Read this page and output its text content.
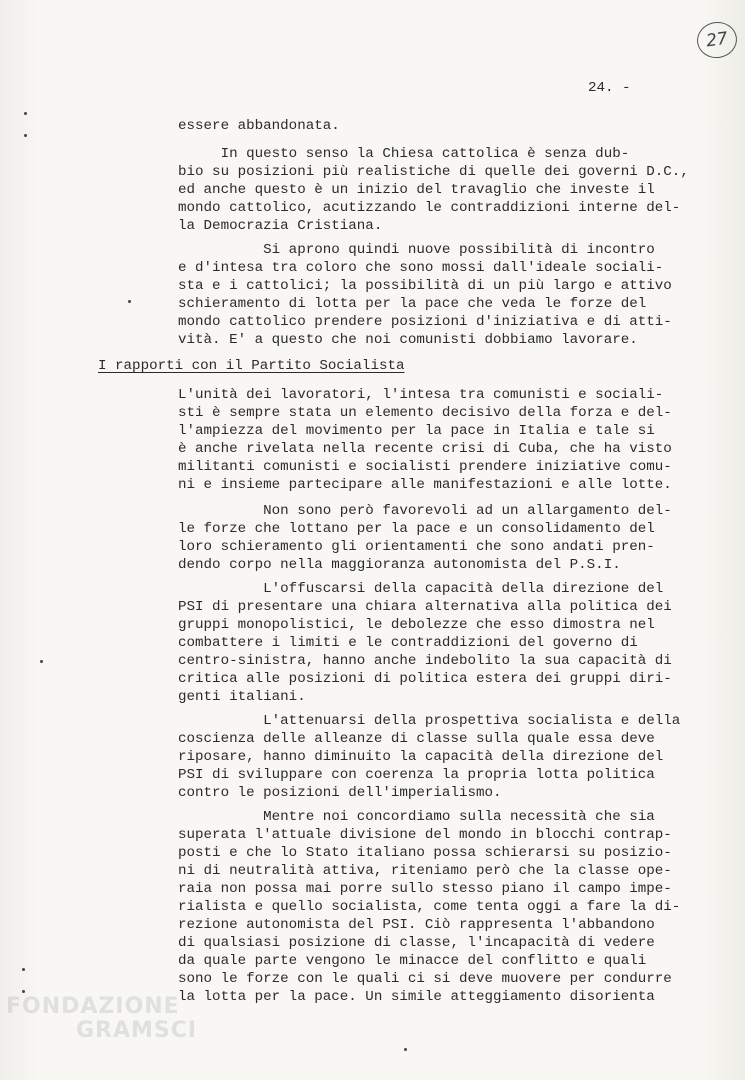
27
24. -
essere abbandonata.
In questo senso la Chiesa cattolica è senza dub-
bio su posizioni più realistiche di quelle dei governi D.C.,
ed anche questo è un inizio del travaglio che investe il
mondo cattolico, acutizzando le contraddizioni interne del-
la Democrazia Cristiana.
Si aprono quindi nuove possibilità di incontro
e d'intesa tra coloro che sono mossi dall'ideale sociali-
sta e i cattolici; la possibilità di un più largo e attivo
schieramento di lotta per la pace che veda le forze del
mondo cattolico prendere posizioni d'iniziativa e di atti-
vità. E' a questo che noi comunisti dobbiamo lavorare.
I rapporti con il Partito Socialista
L'unità dei lavoratori, l'intesa tra comunisti e sociali-
sti è sempre stata un elemento decisivo della forza e del-
l'ampiezza del movimento per la pace in Italia e tale si
è anche rivelata nella recente crisi di Cuba, che ha visto
militanti comunisti e socialisti prendere iniziative comu-
ni e insieme partecipare alle manifestazioni e alle lotte.
Non sono però favorevoli ad un allargamento del-
le forze che lottano per la pace e un consolidamento del
loro schieramento gli orientamenti che sono andati pren-
dendo corpo nella maggioranza autonomista del P.S.I.
L'offuscarsi della capacità della direzione del
PSI di presentare una chiara alternativa alla politica dei
gruppi monopolistici, le debolezze che esso dimostra nel
combattere i limiti e le contraddizioni del governo di
centro-sinistra, hanno anche indebolito la sua capacità di
critica alle posizioni di politica estera dei gruppi diri-
genti italiani.
L'attenuarsi della prospettiva socialista e della
coscienza delle alleanze di classe sulla quale essa deve
riposare, hanno diminuito la capacità della direzione del
PSI di sviluppare con coerenza la propria lotta politica
contro le posizioni dell'imperialismo.
Mentre noi concordiamo sulla necessità che sia
superata l'attuale divisione del mondo in blocchi contrap-
posti e che lo Stato italiano possa schierarsi su posizio-
ni di neutralità attiva, riteniamo però che la classe ope-
raia non possa mai porre sullo stesso piano il campo impe-
rialista e quello socialista, come tenta oggi a fare la di-
rezione autonomista del PSI. Ciò rappresenta l'abbandono
di qualsiasi posizione di classe, l'incapacità di vedere
da quale parte vengono le minacce del conflitto e quali
sono le forze con le quali ci si deve muovere per condurre
la lotta per la pace. Un simile atteggiamento disorienta
FONDAZIONE
GRAMSCI
